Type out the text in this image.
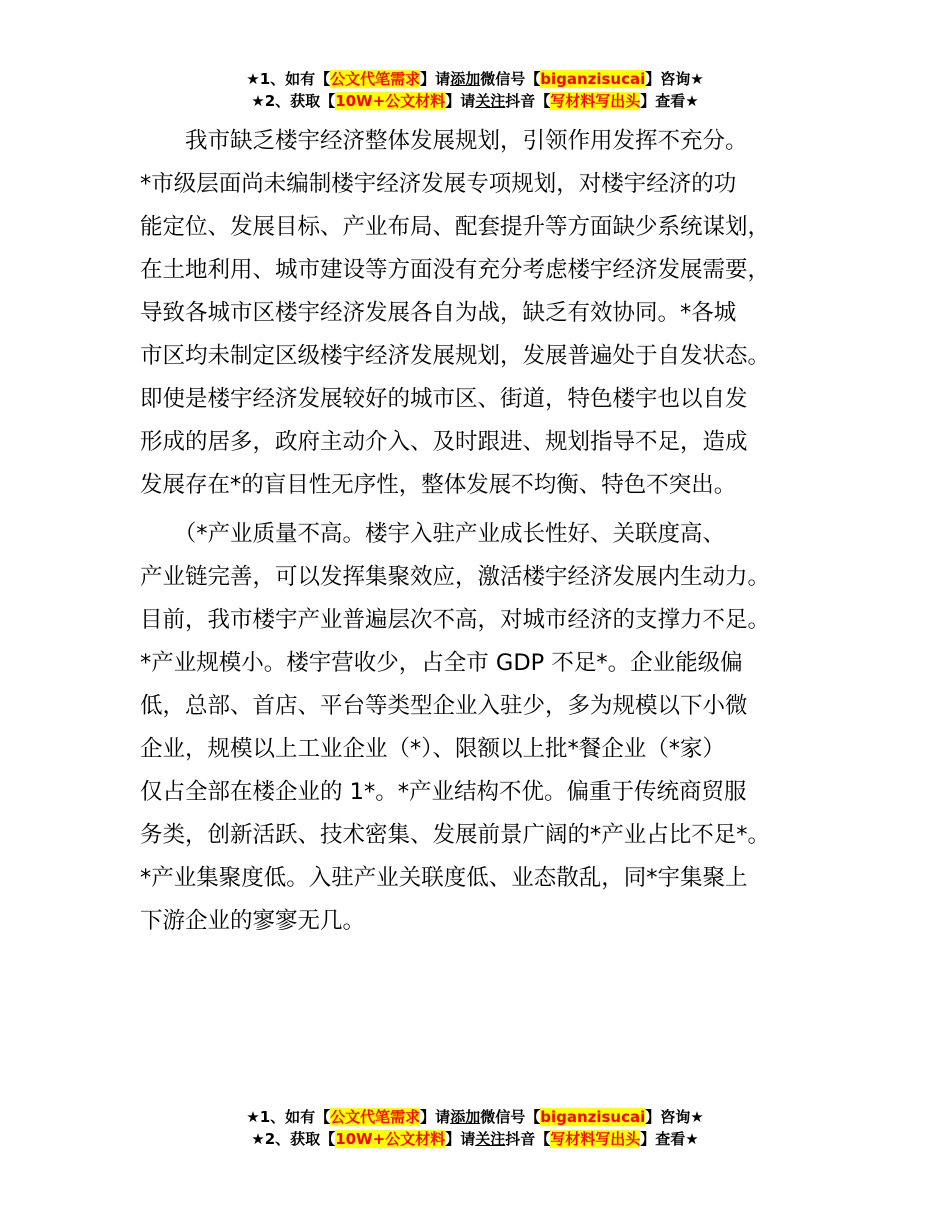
★1、如有【公文代笔需求】请添加微信号【biganzisucai】咨询★
★2、获取【10W+公文材料】请关注抖音【写材料写出头】查看★

　　我市缺乏楼宇经济整体发展规划，引领作用发挥不充分。
*市级层面尚未编制楼宇经济发展专项规划，对楼宇经济的功
能定位、发展目标、产业布局、配套提升等方面缺少系统谋划，
在土地利用、城市建设等方面没有充分考虑楼宇经济发展需要，
导致各城市区楼宇经济发展各自为战，缺乏有效协同。*各城
市区均未制定区级楼宇经济发展规划，发展普遍处于自发状态。
即使是楼宇经济发展较好的城市区、街道，特色楼宇也以自发
形成的居多，政府主动介入、及时跟进、规划指导不足，造成
发展存在*的盲目性无序性，整体发展不均衡、特色不突出。

　　（*产业质量不高。楼宇入驻产业成长性好、关联度高、
产业链完善，可以发挥集聚效应，激活楼宇经济发展内生动力。
目前，我市楼宇产业普遍层次不高，对城市经济的支撑力不足。
*产业规模小。楼宇营收少，占全市 GDP 不足*。企业能级偏
低，总部、首店、平台等类型企业入驻少，多为规模以下小微
企业，规模以上工业企业（*）、限额以上批*餐企业（*家）
仅占全部在楼企业的 1*。*产业结构不优。偏重于传统商贸服
务类，创新活跃、技术密集、发展前景广阔的*产业占比不足*。
*产业集聚度低。入驻产业关联度低、业态散乱，同*宇集聚上
下游企业的寥寥无几。

★1、如有【公文代笔需求】请添加微信号【biganzisucai】咨询★
★2、获取【10W+公文材料】请关注抖音【写材料写出头】查看★
